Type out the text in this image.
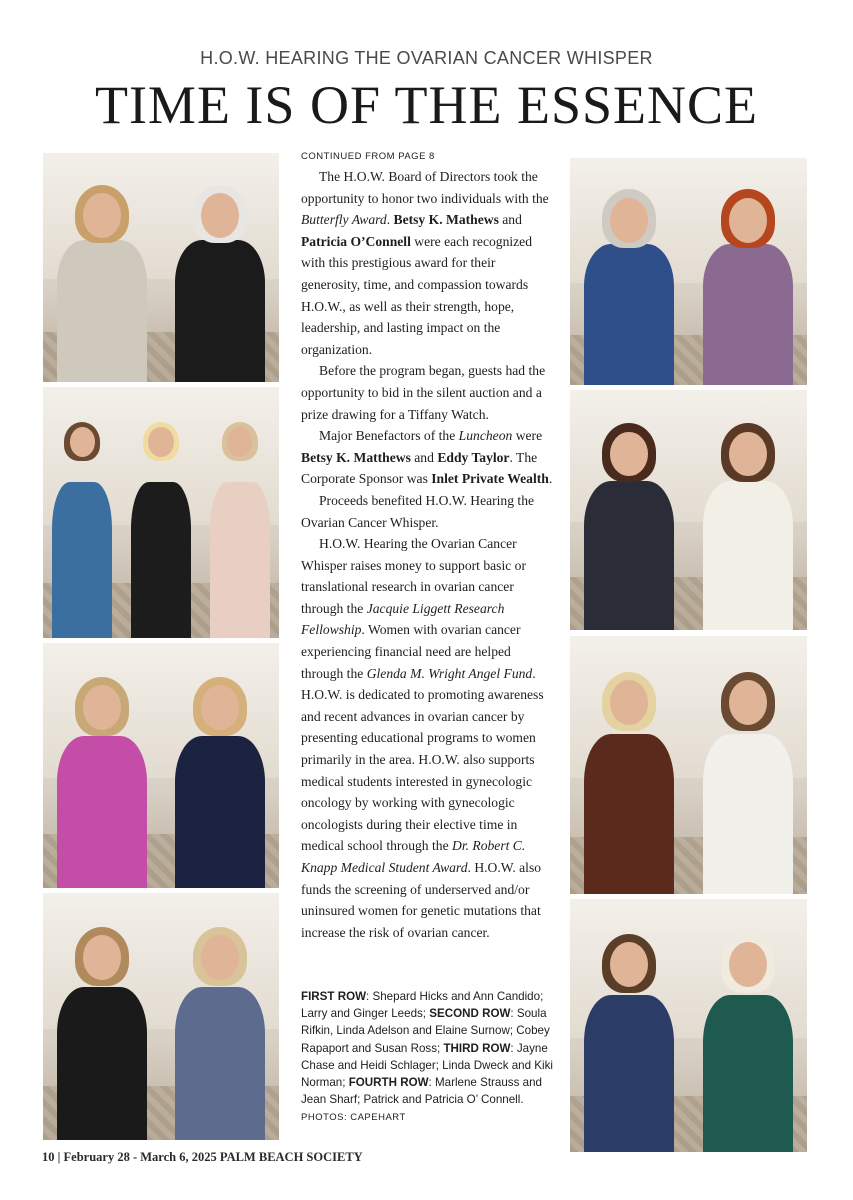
H.O.W. HEARING THE OVARIAN CANCER WHISPER
TIME IS OF THE ESSENCE
CONTINUED FROM PAGE 8

The H.O.W. Board of Directors took the opportunity to honor two individuals with the Butterfly Award. Betsy K. Mathews and Patricia O’Connell were each recognized with this prestigious award for their generosity, time, and compassion towards H.O.W., as well as their strength, hope, leadership, and lasting impact on the organization.

Before the program began, guests had the opportunity to bid in the silent auction and a prize drawing for a Tiffany Watch.

Major Benefactors of the Luncheon were Betsy K. Matthews and Eddy Taylor. The Corporate Sponsor was Inlet Private Wealth.

Proceeds benefited H.O.W. Hearing the Ovarian Cancer Whisper.

H.O.W. Hearing the Ovarian Cancer Whisper raises money to support basic or translational research in ovarian cancer through the Jacquie Liggett Research Fellowship. Women with ovarian cancer experiencing financial need are helped through the Glenda M. Wright Angel Fund. H.O.W. is dedicated to promoting awareness and recent advances in ovarian cancer by presenting educational programs to women primarily in the area. H.O.W. also supports medical students interested in gynecologic oncology by working with gynecologic oncologists during their elective time in medical school through the Dr. Robert C. Knapp Medical Student Award. H.O.W. also funds the screening of underserved and/or uninsured women for genetic mutations that increase the risk of ovarian cancer.

FIRST ROW: Shepard Hicks and Ann Candido; Larry and Ginger Leeds; SECOND ROW: Soula Rifkin, Linda Adelson and Elaine Surnow; Cobey Rapaport and Susan Ross; THIRD ROW: Jayne Chase and Heidi Schlager; Linda Dweck and Kiki Norman; FOURTH ROW: Marlene Strauss and Jean Sharf; Patrick and Patricia O’ Connell.
PHOTOS: CAPEHART
10 | February 28 - March 6, 2025 PALM BEACH SOCIETY
